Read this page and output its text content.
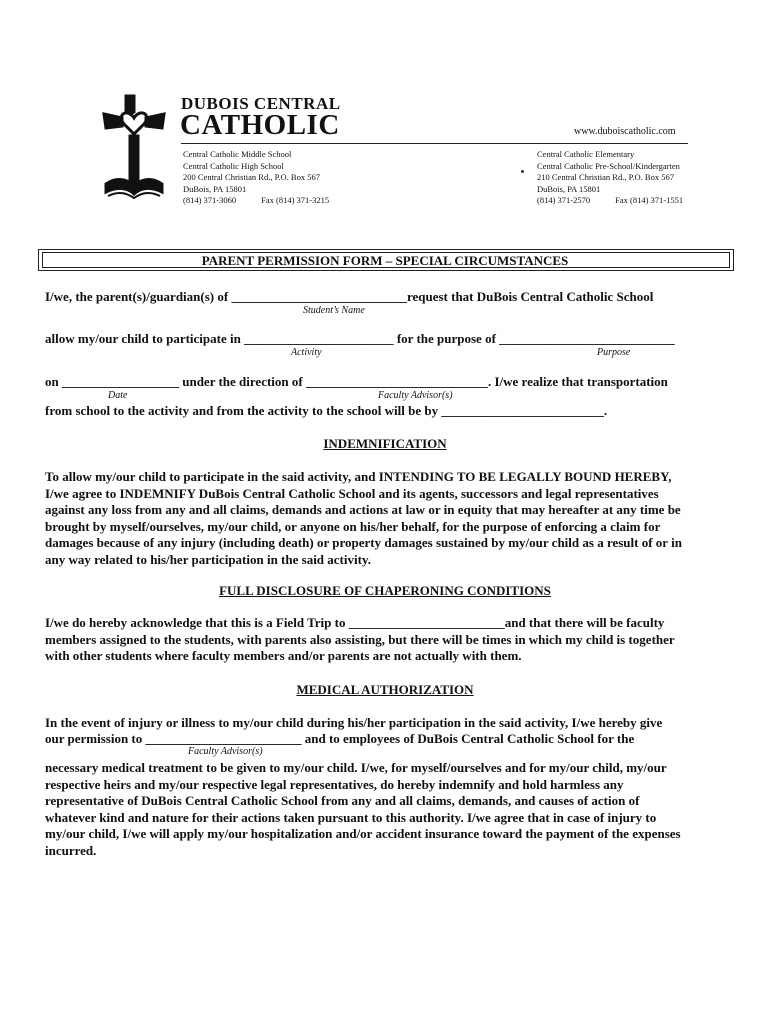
DUBOIS CENTRAL
CATHOLIC	www.duboiscatholic.com
Central Catholic Middle School
Central Catholic High School
200 Central Christian Rd., P.O. Box 567
DuBois, PA 15801
(814) 371-3060	Fax (814) 371-3215
Central Catholic Elementary
Central Catholic Pre-School/Kindergarten
210 Central Christian Rd., P.O. Box 567
DuBois, PA 15801
(814) 371-2570	Fax (814) 371-1551
PARENT PERMISSION FORM – SPECIAL CIRCUMSTANCES
I/we, the parent(s)/guardian(s) of ___________________________request that DuBois Central Catholic School
Student’s Name
allow my/our child to participate in _______________________ for the purpose of ___________________________
Activity	Purpose
on __________________ under the direction of ____________________________. I/we realize that transportation
Date	Faculty Advisor(s)
from school to the activity and from the activity to the school will be by _________________________.
INDEMNIFICATION
To allow my/our child to participate in the said activity, and INTENDING TO BE LEGALLY BOUND HEREBY,
I/we agree to INDEMNIFY DuBois Central Catholic School and its agents, successors and legal representatives
against any loss from any and all claims, demands and actions at law or in equity that may hereafter at any time be
brought by myself/ourselves, my/our child, or anyone on his/her behalf, for the purpose of enforcing a claim for
damages because of any injury (including death) or property damages sustained by my/our child as a result of or in
any way related to his/her participation in the said activity.
FULL DISCLOSURE OF CHAPERONING CONDITIONS
I/we do hereby acknowledge that this is a Field Trip to ________________________and that there will be faculty
members assigned to the students, with parents also assisting, but there will be times in which my child is together
with other students where faculty members and/or parents are not actually with them.
MEDICAL AUTHORIZATION
In the event of injury or illness to my/our child during his/her participation in the said activity, I/we hereby give
our permission to ________________________ and to employees of DuBois Central Catholic School for the
Faculty Advisor(s)
necessary medical treatment to be given to my/our child. I/we, for myself/ourselves and for my/our child, my/our
respective heirs and my/our respective legal representatives, do hereby indemnify and hold harmless any
representative of DuBois Central Catholic School from any and all claims, demands, and causes of action of
whatever kind and nature for their actions taken pursuant to this authority. I/we agree that in case of injury to
my/our child, I/we will apply my/our hospitalization and/or accident insurance toward the payment of the expenses
incurred.
